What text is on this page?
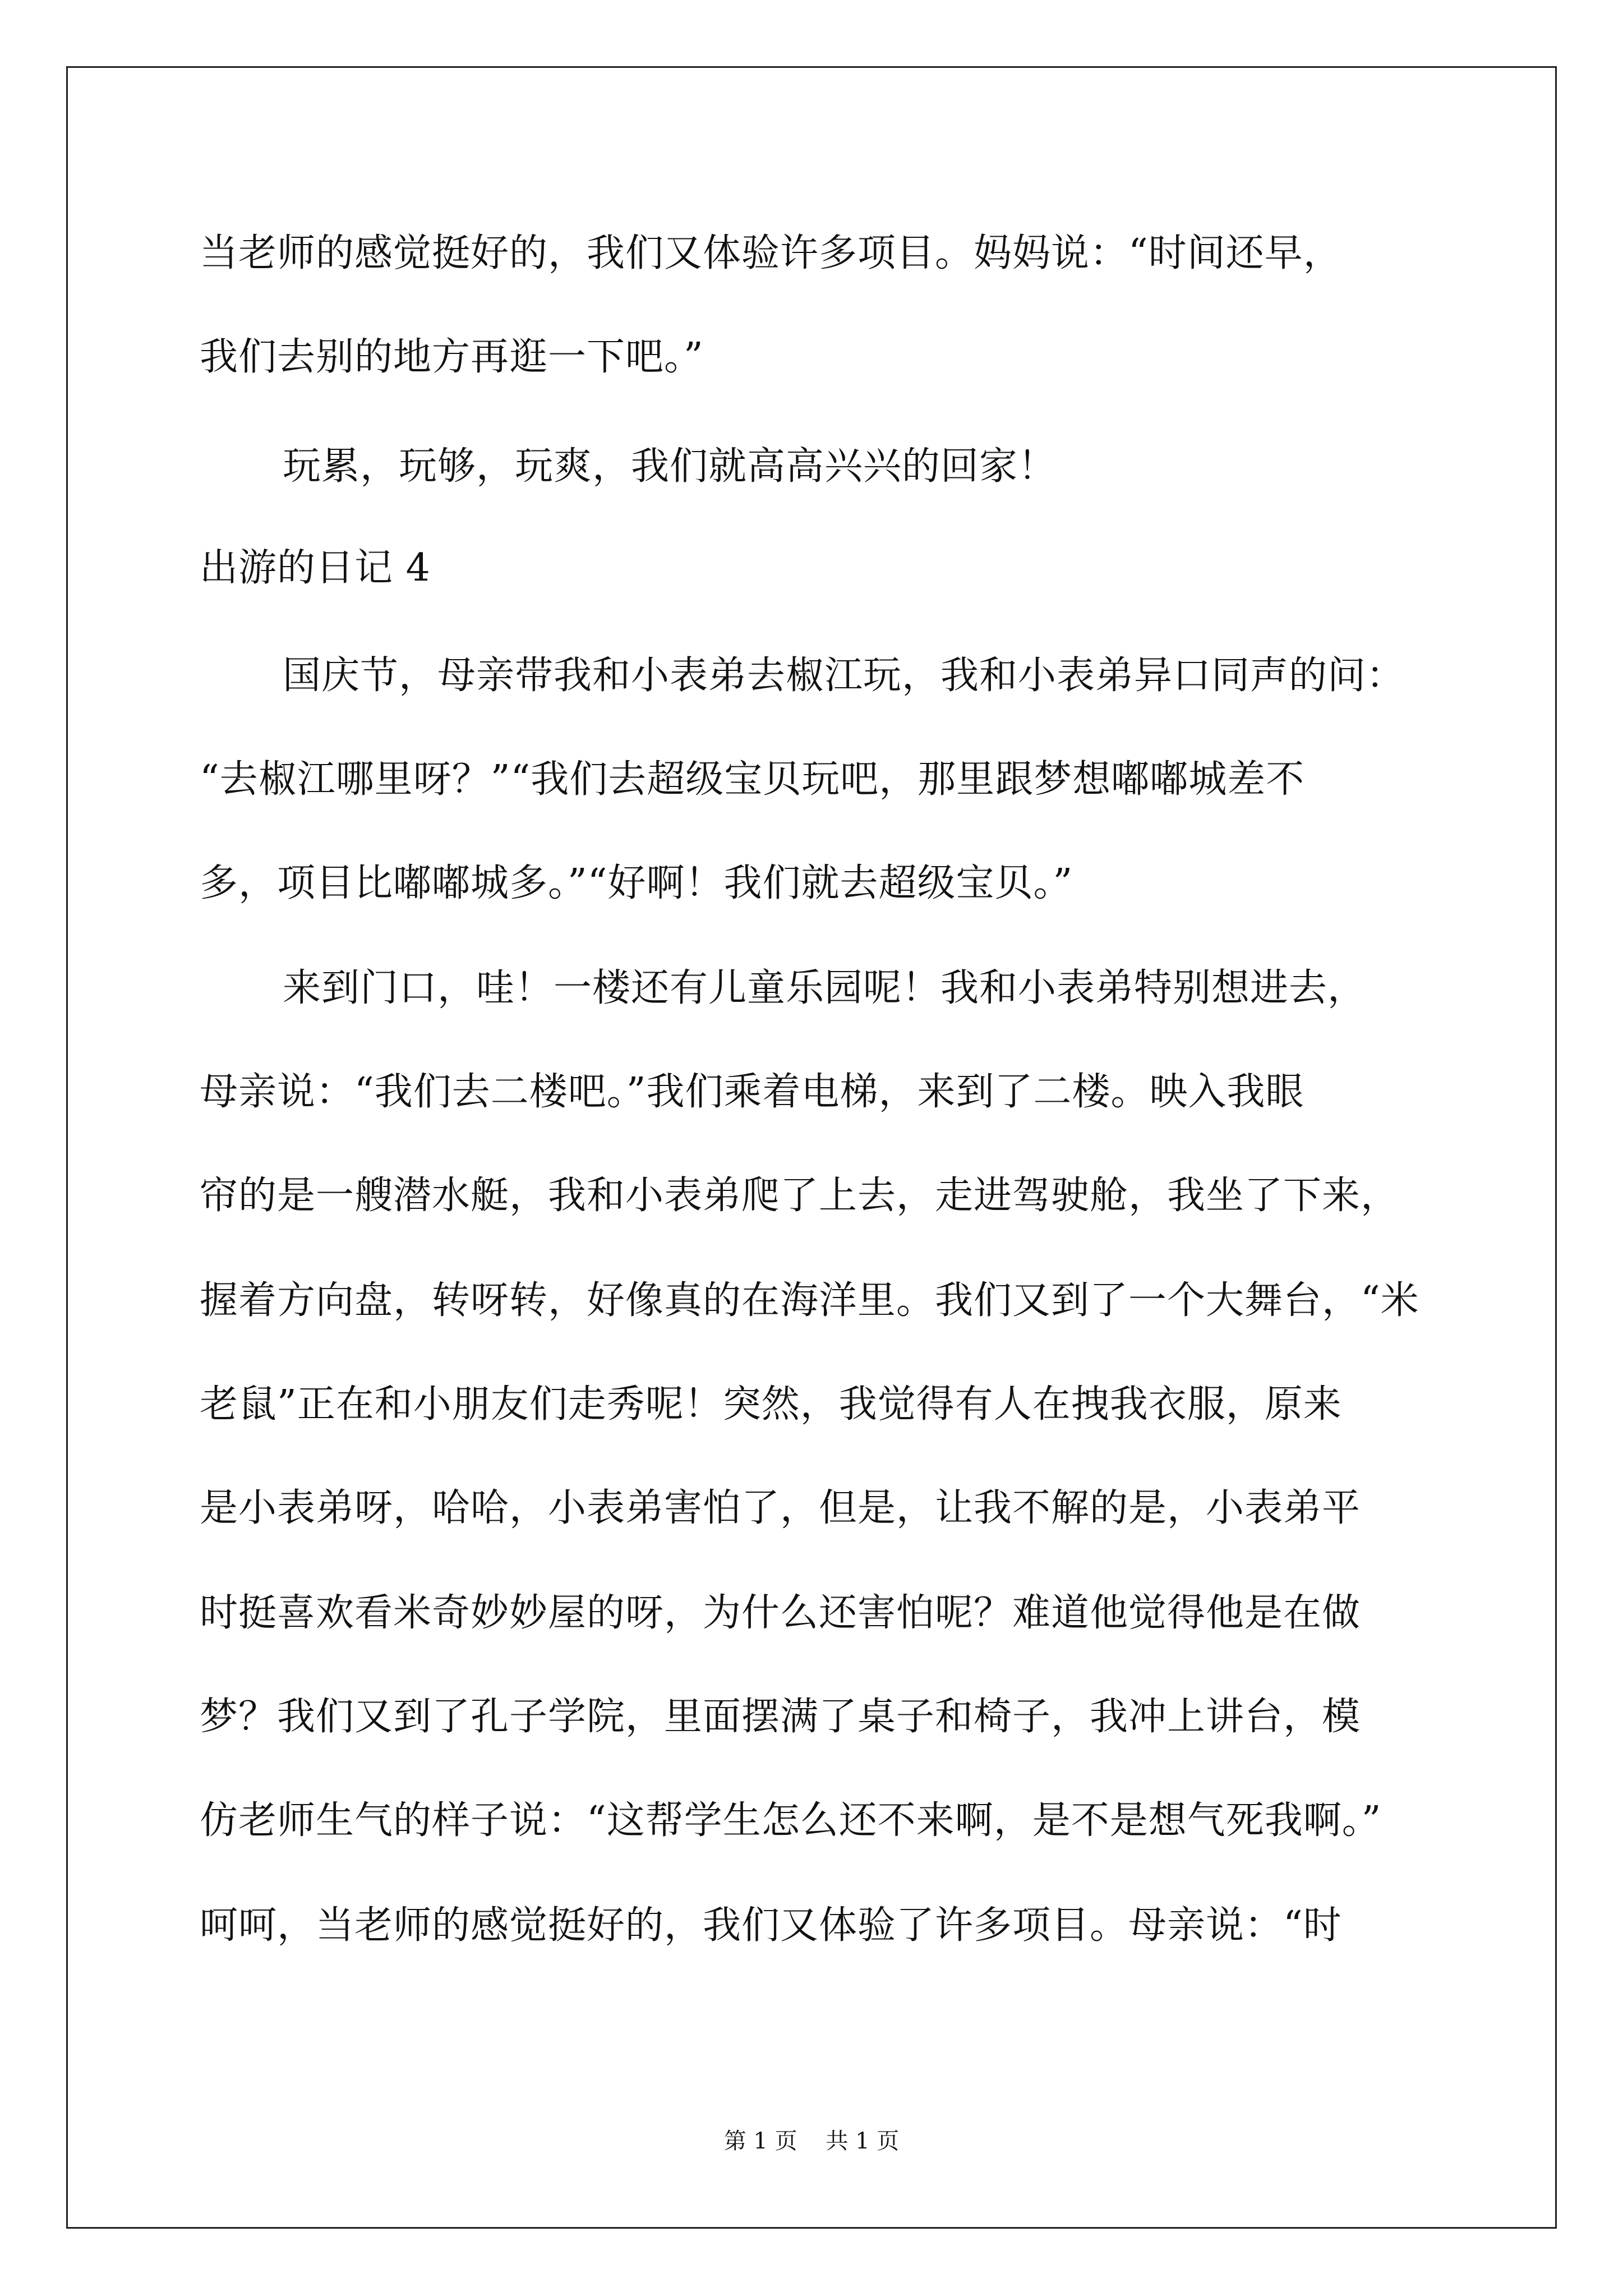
当老师的感觉挺好的，我们又体验许多项目。妈妈说：“时间还早，
我们去别的地方再逛一下吧。”
玩累，玩够，玩爽，我们就高高兴兴的回家！
出游的日记 4
国庆节，母亲带我和小表弟去椒江玩，我和小表弟异口同声的问：
“去椒江哪里呀？”“我们去超级宝贝玩吧，那里跟梦想嘟嘟城差不
多，项目比嘟嘟城多。”“好啊！我们就去超级宝贝。”
来到门口，哇！一楼还有儿童乐园呢！我和小表弟特别想进去，
母亲说：“我们去二楼吧。”我们乘着电梯，来到了二楼。映入我眼
帘的是一艘潜水艇，我和小表弟爬了上去，走进驾驶舱，我坐了下来，
握着方向盘，转呀转，好像真的在海洋里。我们又到了一个大舞台，“米
老鼠”正在和小朋友们走秀呢！突然，我觉得有人在拽我衣服，原来
是小表弟呀，哈哈，小表弟害怕了，但是，让我不解的是，小表弟平
时挺喜欢看米奇妙妙屋的呀，为什么还害怕呢？难道他觉得他是在做
梦？我们又到了孔子学院，里面摆满了桌子和椅子，我冲上讲台，模
仿老师生气的样子说：“这帮学生怎么还不来啊，是不是想气死我啊。”
呵呵，当老师的感觉挺好的，我们又体验了许多项目。母亲说：“时
第 1 页    共 1 页
